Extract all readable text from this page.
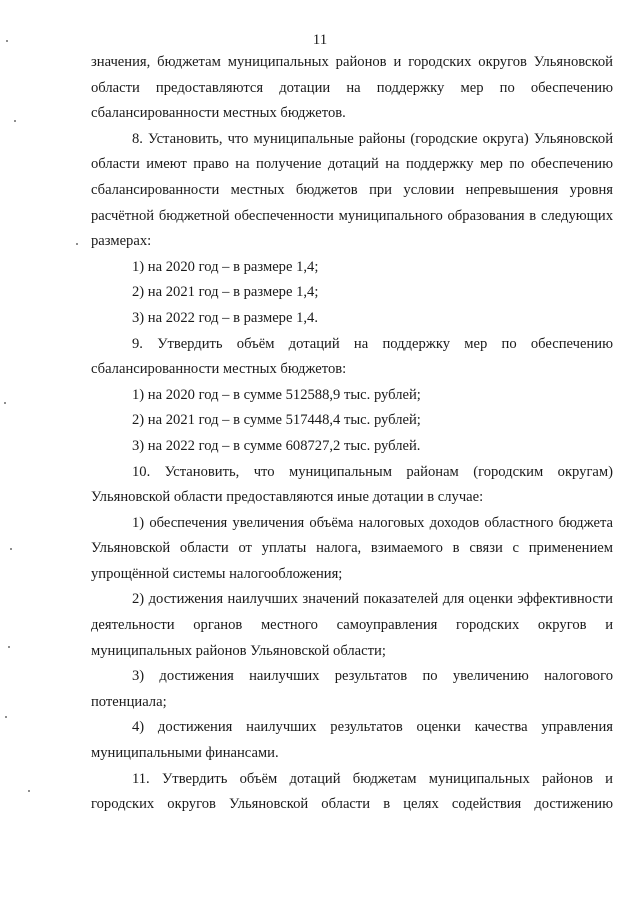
11

значения, бюджетам муниципальных районов и городских округов Ульяновской области предоставляются дотации на поддержку мер по обеспечению сбалансированности местных бюджетов.

8. Установить, что муниципальные районы (городские округа) Ульяновской области имеют право на получение дотаций на поддержку мер по обеспечению сбалансированности местных бюджетов при условии непревышения уровня расчётной бюджетной обеспеченности муниципального образования в следующих размерах:

1) на 2020 год – в размере 1,4;

2) на 2021 год – в размере 1,4;

3) на 2022 год – в размере 1,4.

9. Утвердить объём дотаций на поддержку мер по обеспечению сбалансированности местных бюджетов:

1) на 2020 год – в сумме 512588,9 тыс. рублей;

2) на 2021 год – в сумме 517448,4 тыс. рублей;

3) на 2022 год – в сумме 608727,2 тыс. рублей.

10. Установить, что муниципальным районам (городским округам) Ульяновской области предоставляются иные дотации в случае:

1) обеспечения увеличения объёма налоговых доходов областного бюджета Ульяновской области от уплаты налога, взимаемого в связи с применением упрощённой системы налогообложения;

2) достижения наилучших значений показателей для оценки эффективности деятельности органов местного самоуправления городских округов и муниципальных районов Ульяновской области;

3) достижения наилучших результатов по увеличению налогового потенциала;

4) достижения наилучших результатов оценки качества управления муниципальными финансами.

11. Утвердить объём дотаций бюджетам муниципальных районов и городских округов Ульяновской области в целях содействия достижению
